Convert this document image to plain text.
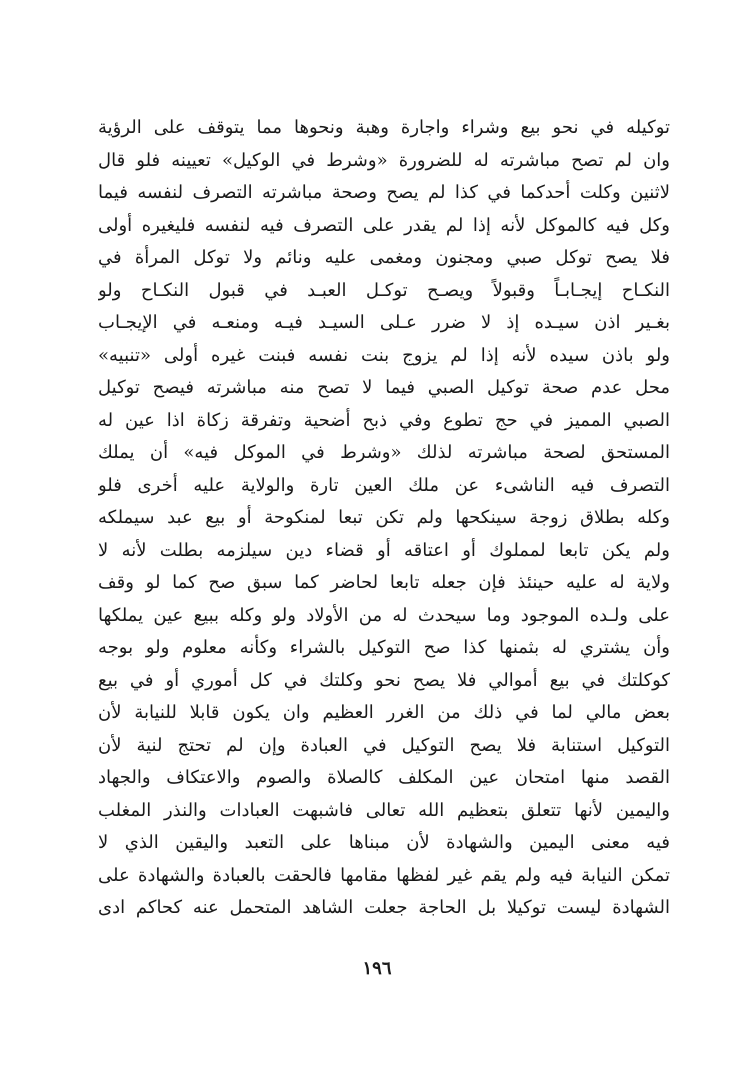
توكيله في نحو بيع وشراء واجارة وهبة ونحوها مما يتوقف على الرؤية
وان لم تصح مباشرته له للضرورة «وشرط في الوكيل» تعيينه فلو قال
لاثنين وكلت أحدكما في كذا لم يصح وصحة مباشرته التصرف لنفسه فيما
وكل فيه كالموكل لأنه إذا لم يقدر على التصرف فيه لنفسه فليغيره أولى
فلا يصح توكل صبي ومجنون ومغمى عليه ونائم ولا توكل المرأة في
النكـاح إيجـابـاً وقبولاً ويصـح توكـل العبـد في قبول النكـاح ولو
بغـير اذن سيـده إذ لا ضرر عـلى السيـد فيـه ومنعـه في الإيجـاب
ولو باذن سيده لأنه إذا لم يزوج بنت نفسه فبنت غيره أولى «تنبيه»
محل عدم صحة توكيل الصبي فيما لا تصح منه مباشرته فيصح توكيل
الصبي المميز في حج تطوع وفي ذبح أضحية وتفرقة زكاة اذا عين له
المستحق لصحة مباشرته لذلك «وشرط في الموكل فيه» أن يملك
التصرف فيه الناشىء عن ملك العين تارة والولاية عليه أخرى فلو
وكله بطلاق زوجة سينكحها ولم تكن تبعا لمنكوحة أو بيع عبد سيملكه
ولم يكن تابعا لمملوك أو اعتاقه أو قضاء دين سيلزمه بطلت لأنه لا
ولاية له عليه حينئذ فإن جعله تابعا لحاضر كما سبق صح كما لو وقف
على ولـده الموجود وما سيحدث له من الأولاد ولو وكله ببيع عين يملكها
وأن يشتري له بثمنها كذا صح التوكيل بالشراء وكأنه معلوم ولو بوجه
كوكلتك في بيع أموالي فلا يصح نحو وكلتك في كل أموري أو في بيع
بعض مالي لما في ذلك من الغرر العظيم وان يكون قابلا للنيابة لأن
التوكيل استنابة فلا يصح التوكيل في العبادة وإن لم تحتج لنية لأن
القصد منها امتحان عين المكلف كالصلاة والصوم والاعتكاف والجهاد
واليمين لأنها تتعلق بتعظيم الله تعالى فاشبهت العبادات والنذر المغلب
فيه معنى اليمين والشهادة لأن مبناها على التعبد واليقين الذي لا
تمكن النيابة فيه ولم يقم غير لفظها مقامها فالحقت بالعبادة والشهادة على
الشهادة ليست توكيلا بل الحاجة جعلت الشاهد المتحمل عنه كحاكم ادى
١٩٦
